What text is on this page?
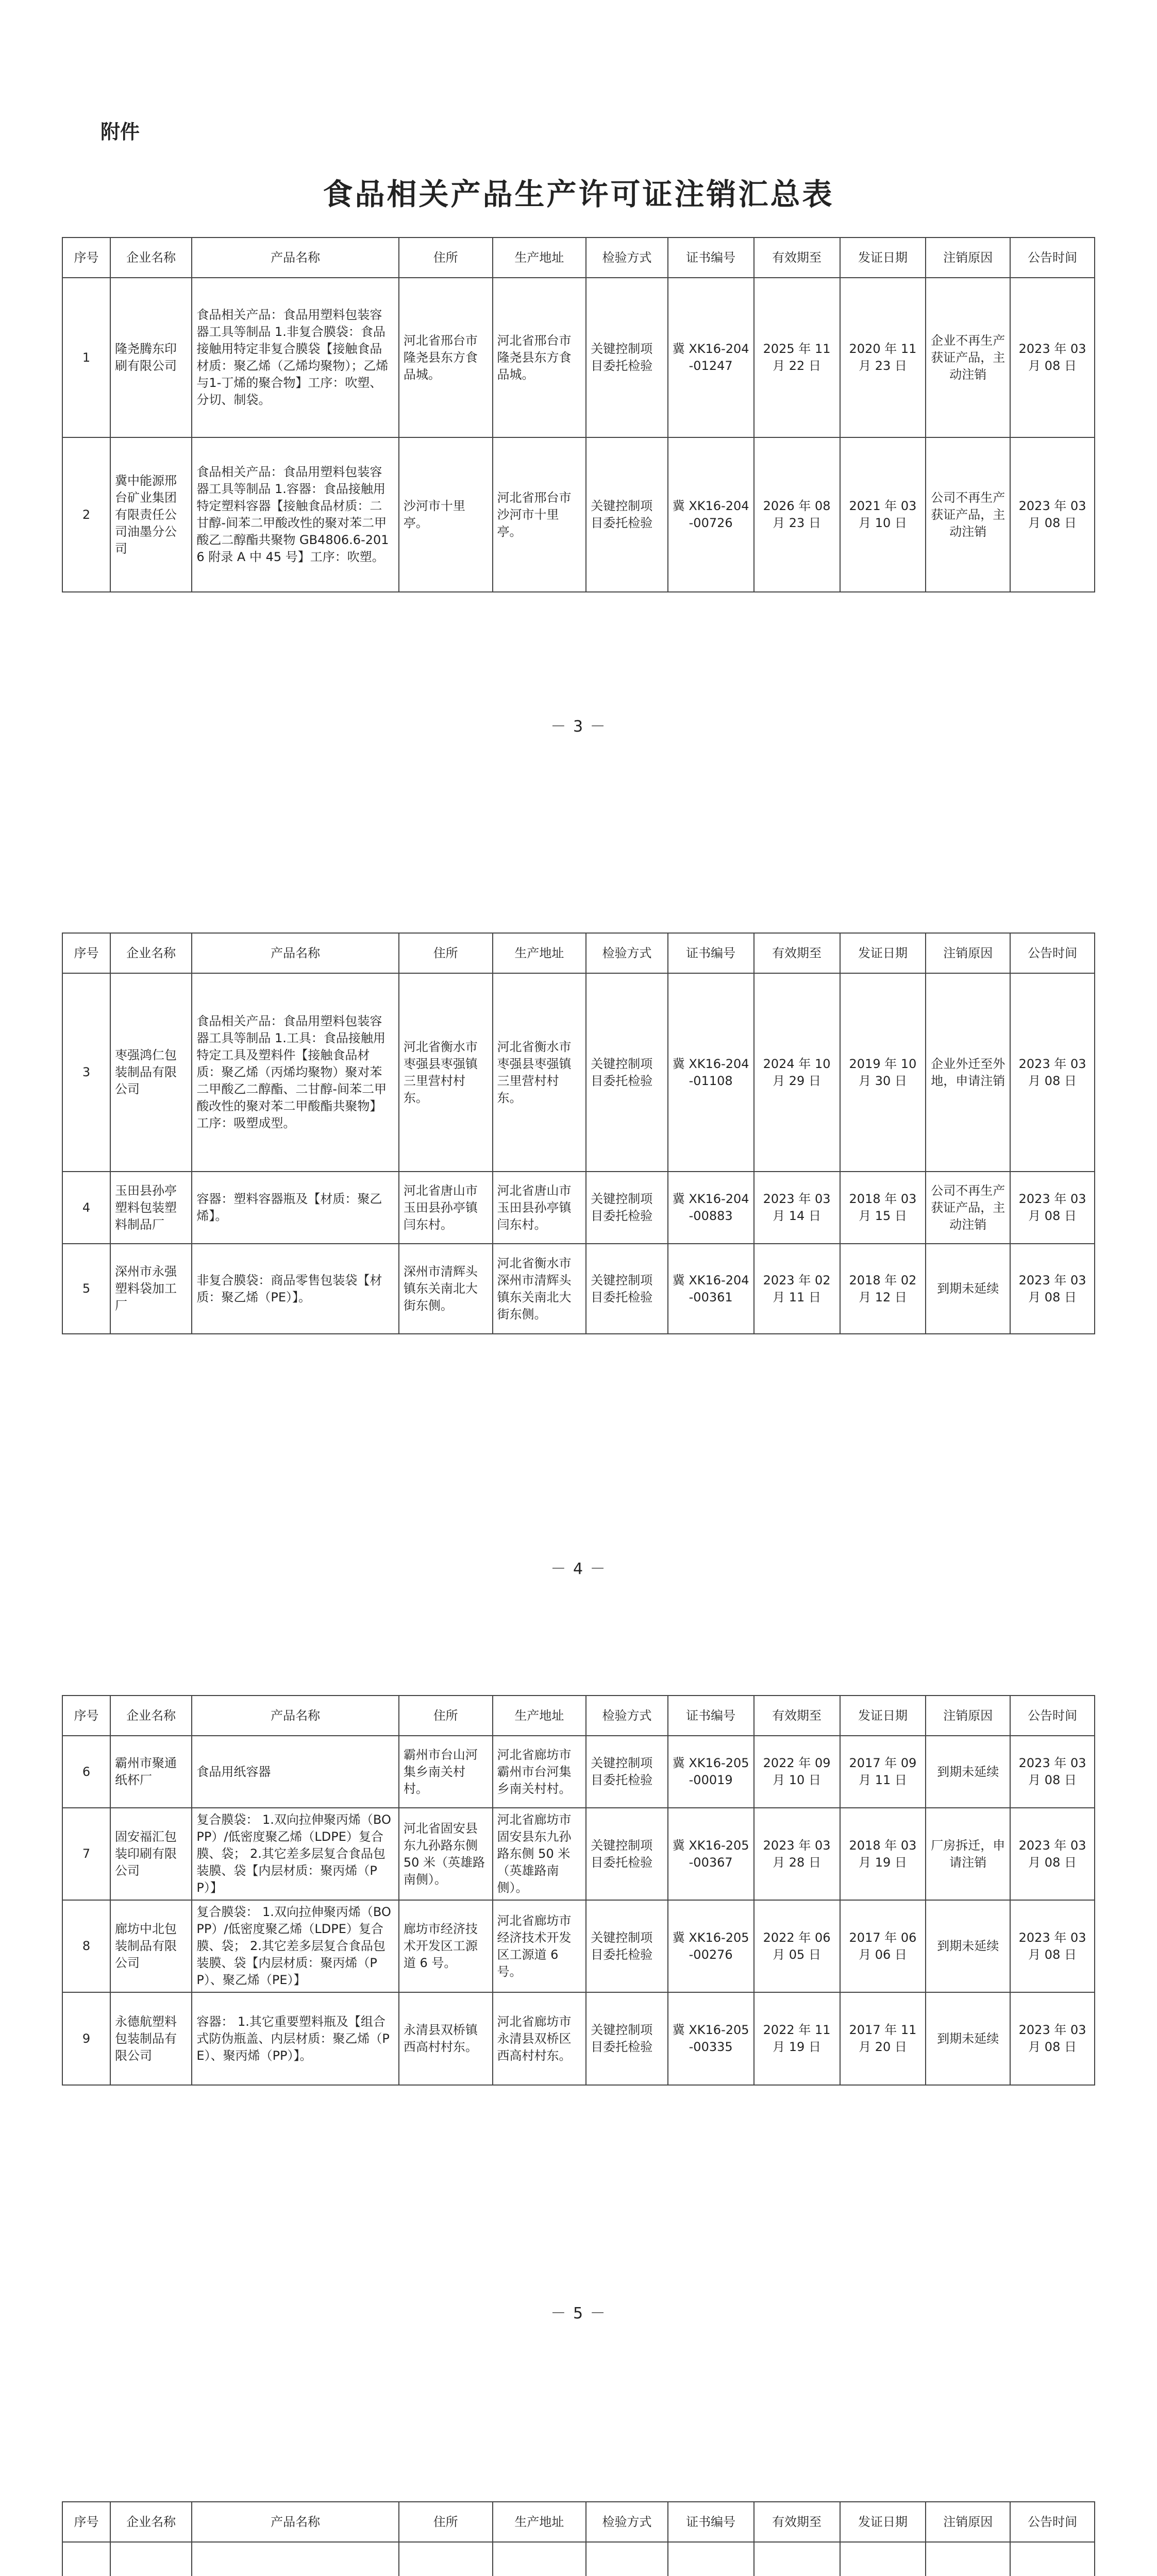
附件
食品相关产品生产许可证注销汇总表
序号	企业名称	产品名称	住所	生产地址	检验方式	证书编号	有效期至	发证日期	注销原因	公告时间
1	隆尧腾东印刷有限公司	食品相关产品：食品用塑料包装容器工具等制品 1.非复合膜袋：食品接触用特定非复合膜袋【接触食品材质：聚乙烯（乙烯均聚物）；乙烯与1-丁烯的聚合物】工序：吹塑、分切、制袋。	河北省邢台市隆尧县东方食品城。	河北省邢台市隆尧县东方食品城。	关键控制项目委托检验	冀 XK16-204-01247	2025 年 11 月 22 日	2020 年 11 月 23 日	企业不再生产获证产品，主动注销	2023 年 03 月 08 日
2	冀中能源邢台矿业集团有限责任公司油墨分公司	食品相关产品：食品用塑料包装容器工具等制品 1.容器：食品接触用特定塑料容器【接触食品材质：二甘醇-间苯二甲酸改性的聚对苯二甲酸乙二醇酯共聚物 GB4806.6-2016 附录 A 中 45 号】工序：吹塑。	沙河市十里亭。	河北省邢台市沙河市十里亭。	关键控制项目委托检验	冀 XK16-204-00726	2026 年 08 月 23 日	2021 年 03 月 10 日	公司不再生产获证产品，主动注销	2023 年 03 月 08 日
－ 3 －
序号	企业名称	产品名称	住所	生产地址	检验方式	证书编号	有效期至	发证日期	注销原因	公告时间
3	枣强鸿仁包装制品有限公司	食品相关产品：食品用塑料包装容器工具等制品 1.工具：食品接触用特定工具及塑料件【接触食品材质：聚乙烯（丙烯均聚物）聚对苯二甲酸乙二醇酯、二甘醇-间苯二甲酸改性的聚对苯二甲酸酯共聚物】工序：吸塑成型。	河北省衡水市枣强县枣强镇三里营村村东。	河北省衡水市枣强县枣强镇三里营村村东。	关键控制项目委托检验	冀 XK16-204-01108	2024 年 10 月 29 日	2019 年 10 月 30 日	企业外迁至外地，申请注销	2023 年 03 月 08 日
4	玉田县孙亭塑料包装塑料制品厂	容器：塑料容器瓶及【材质：聚乙烯】。	河北省唐山市玉田县孙亭镇闫东村。	河北省唐山市玉田县孙亭镇闫东村。	关键控制项目委托检验	冀 XK16-204-00883	2023 年 03 月 14 日	2018 年 03 月 15 日	公司不再生产获证产品，主动注销	2023 年 03 月 08 日
5	深州市永强塑料袋加工厂	非复合膜袋：商品零售包装袋【材质：聚乙烯（PE）】。	深州市清辉头镇东关南北大街东侧。	河北省衡水市深州市清辉头镇东关南北大街东侧。	关键控制项目委托检验	冀 XK16-204-00361	2023 年 02 月 11 日	2018 年 02 月 12 日	到期未延续	2023 年 03 月 08 日
－ 4 －
序号	企业名称	产品名称	住所	生产地址	检验方式	证书编号	有效期至	发证日期	注销原因	公告时间
6	霸州市聚通纸杯厂	食品用纸容器	霸州市台山河集乡南关村村。	河北省廊坊市霸州市台河集乡南关村村。	关键控制项目委托检验	冀 XK16-205-00019	2022 年 09 月 10 日	2017 年 09 月 11 日	到期未延续	2023 年 03 月 08 日
7	固安福汇包装印刷有限公司	复合膜袋： 1.双向拉伸聚丙烯（BOPP）/低密度聚乙烯（LDPE）复合膜、袋； 2.其它差多层复合食品包装膜、袋【内层材质：聚丙烯（PP）】	河北省固安县东九孙路东侧 50 米（英雄路南侧）。	河北省廊坊市固安县东九孙路东侧 50 米（英雄路南侧）。	关键控制项目委托检验	冀 XK16-205-00367	2023 年 03 月 28 日	2018 年 03 月 19 日	厂房拆迁，申请注销	2023 年 03 月 08 日
8	廊坊中北包装制品有限公司	复合膜袋： 1.双向拉伸聚丙烯（BOPP）/低密度聚乙烯（LDPE）复合膜、袋； 2.其它差多层复合食品包装膜、袋【内层材质：聚丙烯（PP）、聚乙烯（PE）】	廊坊市经济技术开发区工源道 6 号。	河北省廊坊市经济技术开发区工源道 6 号。	关键控制项目委托检验	冀 XK16-205-00276	2022 年 06 月 05 日	2017 年 06 月 06 日	到期未延续	2023 年 03 月 08 日
9	永德航塑料包装制品有限公司	容器： 1.其它重要塑料瓶及【组合式防伪瓶盖、内层材质：聚乙烯（PE）、聚丙烯（PP）】。	永清县双桥镇西高村村东。	河北省廊坊市永清县双桥区西高村村东。	关键控制项目委托检验	冀 XK16-205-00335	2022 年 11 月 19 日	2017 年 11 月 20 日	到期未延续	2023 年 03 月 08 日
－ 5 －
序号	企业名称	产品名称	住所	生产地址	检验方式	证书编号	有效期至	发证日期	注销原因	公告时间
